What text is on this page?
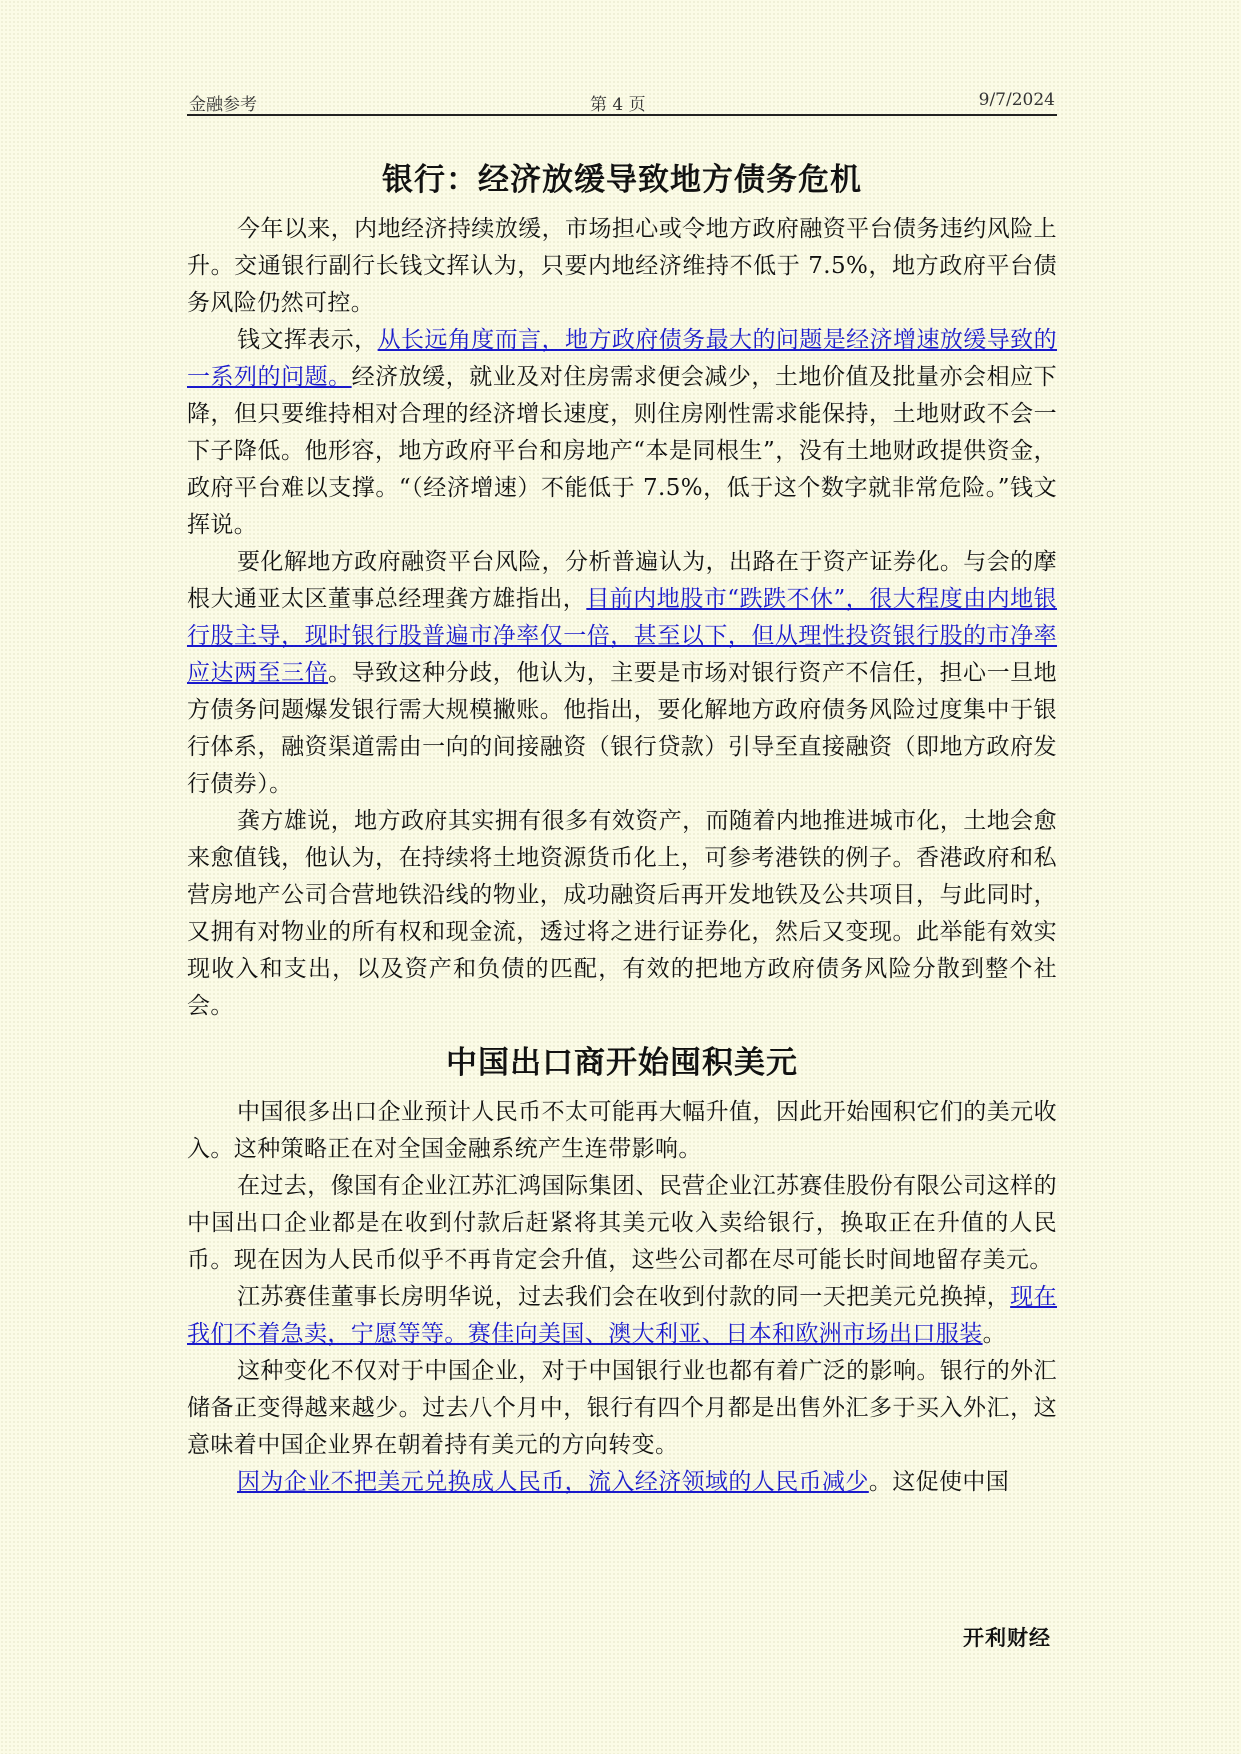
金融参考	第 4 页	9/7/2024
银行：经济放缓导致地方债务危机

今年以来，内地经济持续放缓，市场担心或令地方政府融资平台债务违约风险上升。交通银行副行长钱文挥认为，只要内地经济维持不低于 7.5%，地方政府平台债务风险仍然可控。

钱文挥表示，从长远角度而言，地方政府债务最大的问题是经济增速放缓导致的一系列的问题。经济放缓，就业及对住房需求便会减少，土地价值及批量亦会相应下降，但只要维持相对合理的经济增长速度，则住房刚性需求能保持，土地财政不会一下子降低。他形容，地方政府平台和房地产“本是同根生”，没有土地财政提供资金，政府平台难以支撑。“（经济增速）不能低于 7.5%，低于这个数字就非常危险。”钱文挥说。

要化解地方政府融资平台风险，分析普遍认为，出路在于资产证券化。与会的摩根大通亚太区董事总经理龚方雄指出，目前内地股市“跌跌不休”，很大程度由内地银行股主导，现时银行股普遍市净率仅一倍，甚至以下，但从理性投资银行股的市净率应达两至三倍。导致这种分歧，他认为，主要是市场对银行资产不信任，担心一旦地方债务问题爆发银行需大规模撇账。他指出，要化解地方政府债务风险过度集中于银行体系，融资渠道需由一向的间接融资（银行贷款）引导至直接融资（即地方政府发行债券）。

龚方雄说，地方政府其实拥有很多有效资产，而随着内地推进城市化，土地会愈来愈值钱，他认为，在持续将土地资源货币化上，可参考港铁的例子。香港政府和私营房地产公司合营地铁沿线的物业，成功融资后再开发地铁及公共项目，与此同时，又拥有对物业的所有权和现金流，透过将之进行证券化，然后又变现。此举能有效实现收入和支出，以及资产和负债的匹配，有效的把地方政府债务风险分散到整个社会。

中国出口商开始囤积美元

中国很多出口企业预计人民币不太可能再大幅升值，因此开始囤积它们的美元收入。这种策略正在对全国金融系统产生连带影响。

在过去，像国有企业江苏汇鸿国际集团、民营企业江苏赛佳股份有限公司这样的中国出口企业都是在收到付款后赶紧将其美元收入卖给银行，换取正在升值的人民币。现在因为人民币似乎不再肯定会升值，这些公司都在尽可能长时间地留存美元。

江苏赛佳董事长房明华说，过去我们会在收到付款的同一天把美元兑换掉，现在我们不着急卖，宁愿等等。赛佳向美国、澳大利亚、日本和欧洲市场出口服装。

这种变化不仅对于中国企业，对于中国银行业也都有着广泛的影响。银行的外汇储备正变得越来越少。过去八个月中，银行有四个月都是出售外汇多于买入外汇，这意味着中国企业界在朝着持有美元的方向转变。

因为企业不把美元兑换成人民币，流入经济领域的人民币减少。这促使中国

开利财经
